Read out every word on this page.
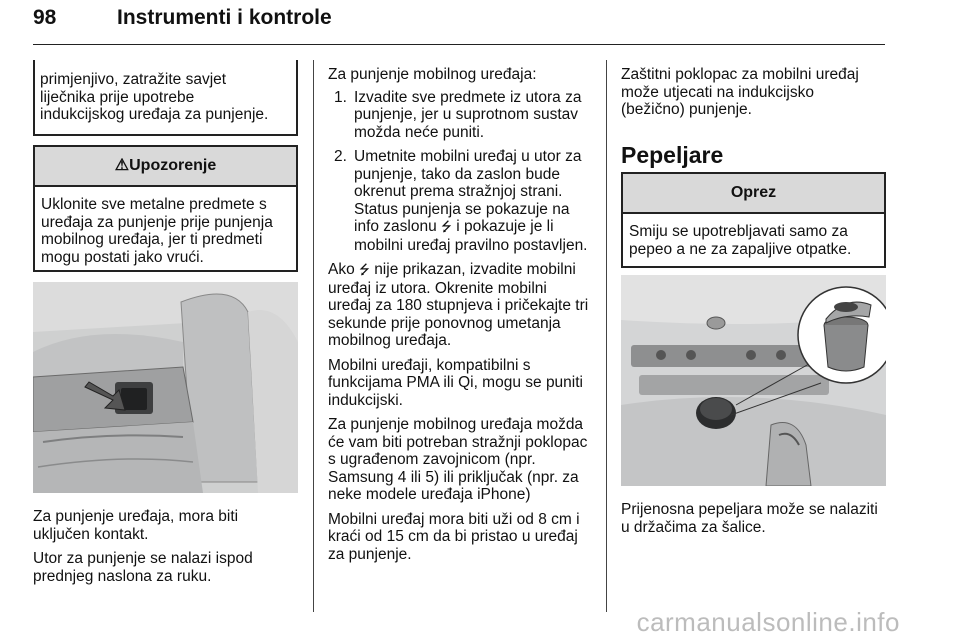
98	Instrumenti i kontrole

primjenjivo, zatražite savjet

liječnika prije upotrebe

indukcijskog uređaja za punjenje.

⚠Upozorenje

Uklonite sve metalne predmete s

uređaja za punjenje prije punjenja

mobilnog uređaja, jer ti predmeti

mogu postati jako vrući.

Za punjenje uređaja, mora biti

uključen kontakt.

Utor za punjenje se nalazi ispod

prednjeg naslona za ruku.

Za punjenje mobilnog uređaja:

1. Izvadite sve predmete iz utora za

punjenje, jer u suprotnom sustav

možda neće puniti.

2. Umetnite mobilni uređaj u utor za

punjenje, tako da zaslon bude

okrenut prema stražnjoj strani.

Status punjenja se pokazuje na

info zaslonu ⭍ i pokazuje je li

mobilni uređaj pravilno postavljen.

Ako ⭍ nije prikazan, izvadite mobilni

uređaj iz utora. Okrenite mobilni

uređaj za 180 stupnjeva i pričekajte tri

sekunde prije ponovnog umetanja

mobilnog uređaja.

Mobilni uređaji, kompatibilni s

funkcijama PMA ili Qi, mogu se puniti

indukcijski.

Za punjenje mobilnog uređaja možda

će vam biti potreban stražnji poklopac

s ugrađenom zavojnicom (npr.

Samsung 4 ili 5) ili priključak (npr. za

neke modele uređaja iPhone)

Mobilni uređaj mora biti uži od 8 cm i

kraći od 15 cm da bi pristao u uređaj

za punjenje.

Zaštitni poklopac za mobilni uređaj

može utjecati na indukcijsko

(bežično) punjenje.

Pepeljare
Oprez

Smiju se upotrebljavati samo za

pepeo a ne za zapaljive otpatke.

Prijenosna pepeljara može se nalaziti

u držačima za šalice.

carmanualsonline.info
